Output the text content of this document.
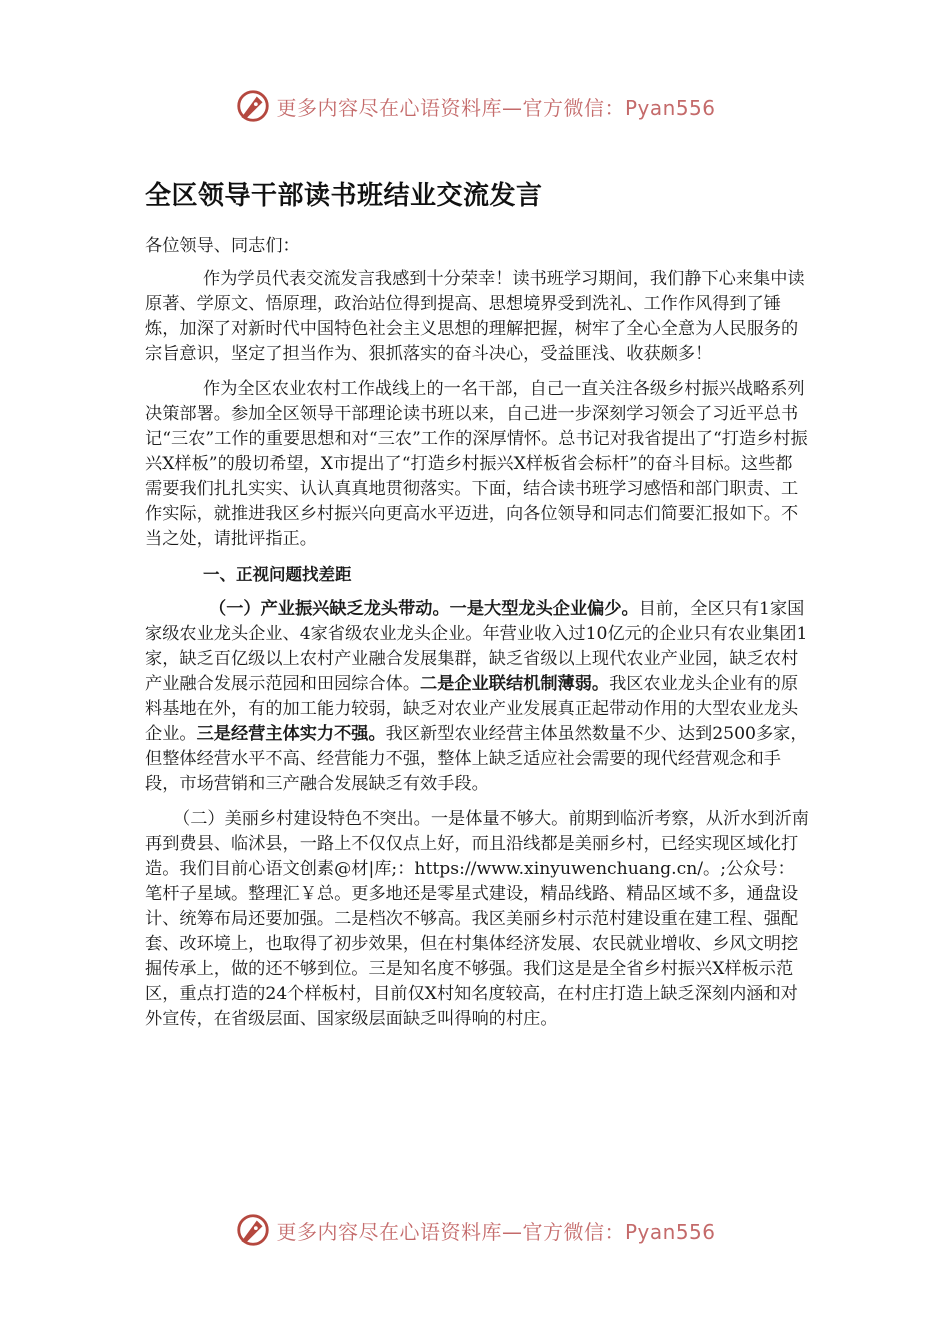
更多内容尽在心语资料库—官方微信：Pyan556
全区领导干部读书班结业交流发言

各位领导、同志们：

作为学员代表交流发言我感到十分荣幸！读书班学习期间，我们静下心来集中读原著、学原文、悟原理，政治站位得到提高、思想境界受到洗礼、工作作风得到了锤炼，加深了对新时代中国特色社会主义思想的理解把握，树牢了全心全意为人民服务的宗旨意识，坚定了担当作为、狠抓落实的奋斗决心，受益匪浅、收获颇多！

作为全区农业农村工作战线上的一名干部，自己一直关注各级乡村振兴战略系列决策部署。参加全区领导干部理论读书班以来，自己进一步深刻学习领会了习近平总书记“三农”工作的重要思想和对“三农”工作的深厚情怀。总书记对我省提出了“打造乡村振兴X样板”的殷切希望，X市提出了“打造乡村振兴X样板省会标杆”的奋斗目标。这些都需要我们扎扎实实、认认真真地贯彻落实。下面，结合读书班学习感悟和部门职责、工作实际，就推进我区乡村振兴向更高水平迈进，向各位领导和同志们简要汇报如下。不当之处，请批评指正。

一、正视问题找差距

（一）产业振兴缺乏龙头带动。一是大型龙头企业偏少。目前，全区只有1家国家级农业龙头企业、4家省级农业龙头企业。年营业收入过10亿元的企业只有农业集团1家，缺乏百亿级以上农村产业融合发展集群，缺乏省级以上现代农业产业园，缺乏农村产业融合发展示范园和田园综合体。二是企业联结机制薄弱。我区农业龙头企业有的原料基地在外，有的加工能力较弱，缺乏对农业产业发展真正起带动作用的大型农业龙头企业。三是经营主体实力不强。我区新型农业经营主体虽然数量不少、达到2500多家，但整体经营水平不高、经营能力不强，整体上缺乏适应社会需要的现代经营观念和手段，市场营销和三产融合发展缺乏有效手段。

（二）美丽乡村建设特色不突出。一是体量不够大。前期到临沂考察，从沂水到沂南再到费县、临沭县，一路上不仅仅点上好，而且沿线都是美丽乡村，已经实现区域化打造。我们目前心语文创素@材|库;：https://www.xinyuwenchuang.cn/。;公众号：笔杆子星域。整理汇￥总。更多地还是零星式建设，精品线路、精品区域不多，通盘设计、统筹布局还要加强。二是档次不够高。我区美丽乡村示范村建设重在建工程、强配套、改环境上，也取得了初步效果，但在村集体经济发展、农民就业增收、乡风文明挖掘传承上，做的还不够到位。三是知名度不够强。我们这是是全省乡村振兴X样板示范区，重点打造的24个样板村，目前仅X村知名度较高，在村庄打造上缺乏深刻内涵和对外宣传，在省级层面、国家级层面缺乏叫得响的村庄。

更多内容尽在心语资料库—官方微信：Pyan556
